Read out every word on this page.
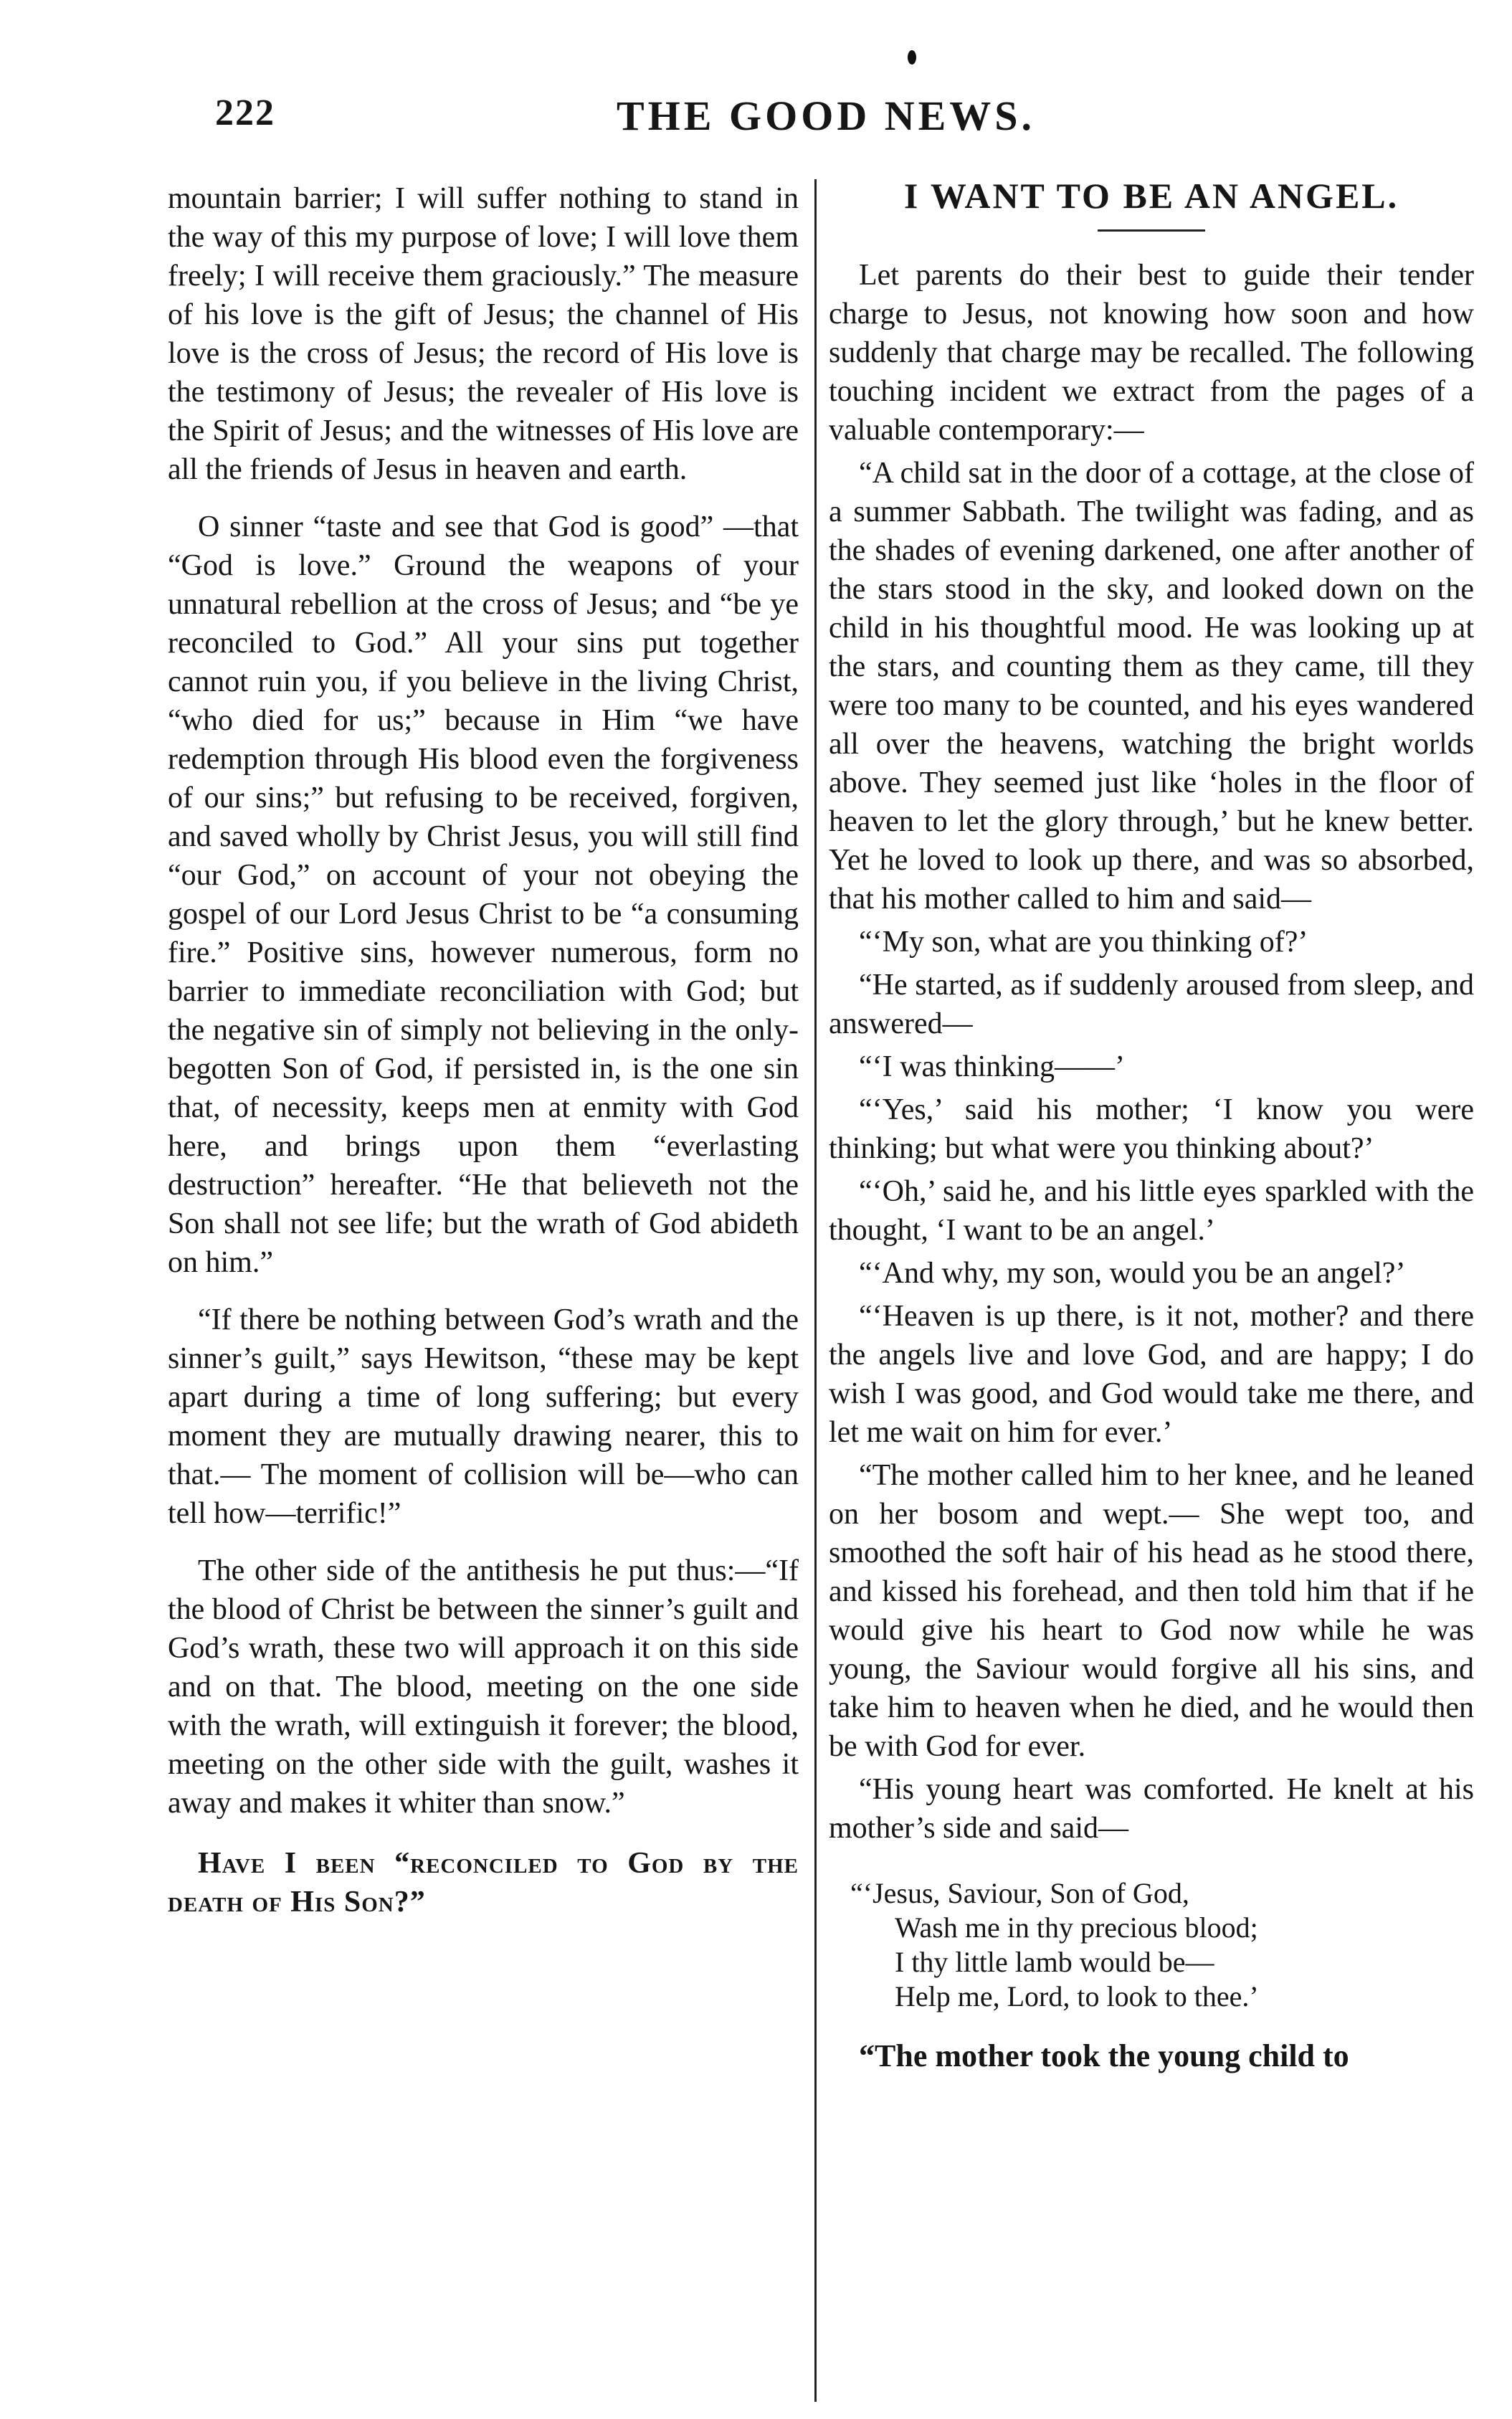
222	THE GOOD NEWS.

mountain barrier; I will suffer nothing to stand in the way of this my purpose of love; I will love them freely; I will receive them graciously.” The measure of his love is the gift of Jesus; the channel of His love is the cross of Jesus; the record of His love is the testimony of Jesus; the revealer of His love is the Spirit of Jesus; and the witnesses of His love are all the friends of Jesus in heaven and earth.

O sinner “taste and see that God is good” —that “God is love.” Ground the weapons of your unnatural rebellion at the cross of Jesus; and “be ye reconciled to God.” All your sins put together cannot ruin you, if you believe in the living Christ, “who died for us;” because in Him “we have redemption through His blood even the forgiveness of our sins;” but refusing to be received, forgiven, and saved wholly by Christ Jesus, you will still find “our God,” on account of your not obeying the gospel of our Lord Jesus Christ to be “a consuming fire.” Positive sins, however numerous, form no barrier to immediate reconciliation with God; but the negative sin of simply not believing in the only-begotten Son of God, if persisted in, is the one sin that, of necessity, keeps men at enmity with God here, and brings upon them “everlasting destruction” hereafter. “He that believeth not the Son shall not see life; but the wrath of God abideth on him.”

“If there be nothing between God’s wrath and the sinner’s guilt,” says Hewitson, “these may be kept apart during a time of long suffering; but every moment they are mutually drawing nearer, this to that.— The moment of collision will be—who can tell how—terrific!”

The other side of the antithesis he put thus:—“If the blood of Christ be between the sinner’s guilt and God’s wrath, these two will approach it on this side and on that. The blood, meeting on the one side with the wrath, will extinguish it forever; the blood, meeting on the other side with the guilt, washes it away and makes it whiter than snow.”

Have I been “reconciled to God by the death of His Son?”

I WANT TO BE AN ANGEL.

Let parents do their best to guide their tender charge to Jesus, not knowing how soon and how suddenly that charge may be recalled. The following touching incident we extract from the pages of a valuable contemporary:—

“A child sat in the door of a cottage, at the close of a summer Sabbath. The twilight was fading, and as the shades of evening darkened, one after another of the stars stood in the sky, and looked down on the child in his thoughtful mood. He was looking up at the stars, and counting them as they came, till they were too many to be counted, and his eyes wandered all over the heavens, watching the bright worlds above. They seemed just like ‘holes in the floor of heaven to let the glory through,’ but he knew better. Yet he loved to look up there, and was so absorbed, that his mother called to him and said—

“‘My son, what are you thinking of?’

“He started, as if suddenly aroused from sleep, and answered—

“‘I was thinking——’

“‘Yes,’ said his mother; ‘I know you were thinking; but what were you thinking about?’

“‘Oh,’ said he, and his little eyes sparkled with the thought, ‘I want to be an angel.’

“‘And why, my son, would you be an angel?’

“‘Heaven is up there, is it not, mother? and there the angels live and love God, and are happy; I do wish I was good, and God would take me there, and let me wait on him for ever.’

“The mother called him to her knee, and he leaned on her bosom and wept.— She wept too, and smoothed the soft hair of his head as he stood there, and kissed his forehead, and then told him that if he would give his heart to God now while he was young, the Saviour would forgive all his sins, and take him to heaven when he died, and he would then be with God for ever.

“His young heart was comforted. He knelt at his mother’s side and said—

“‘Jesus, Saviour, Son of God,
Wash me in thy precious blood;
I thy little lamb would be—
Help me, Lord, to look to thee.’

“The mother took the young child to
